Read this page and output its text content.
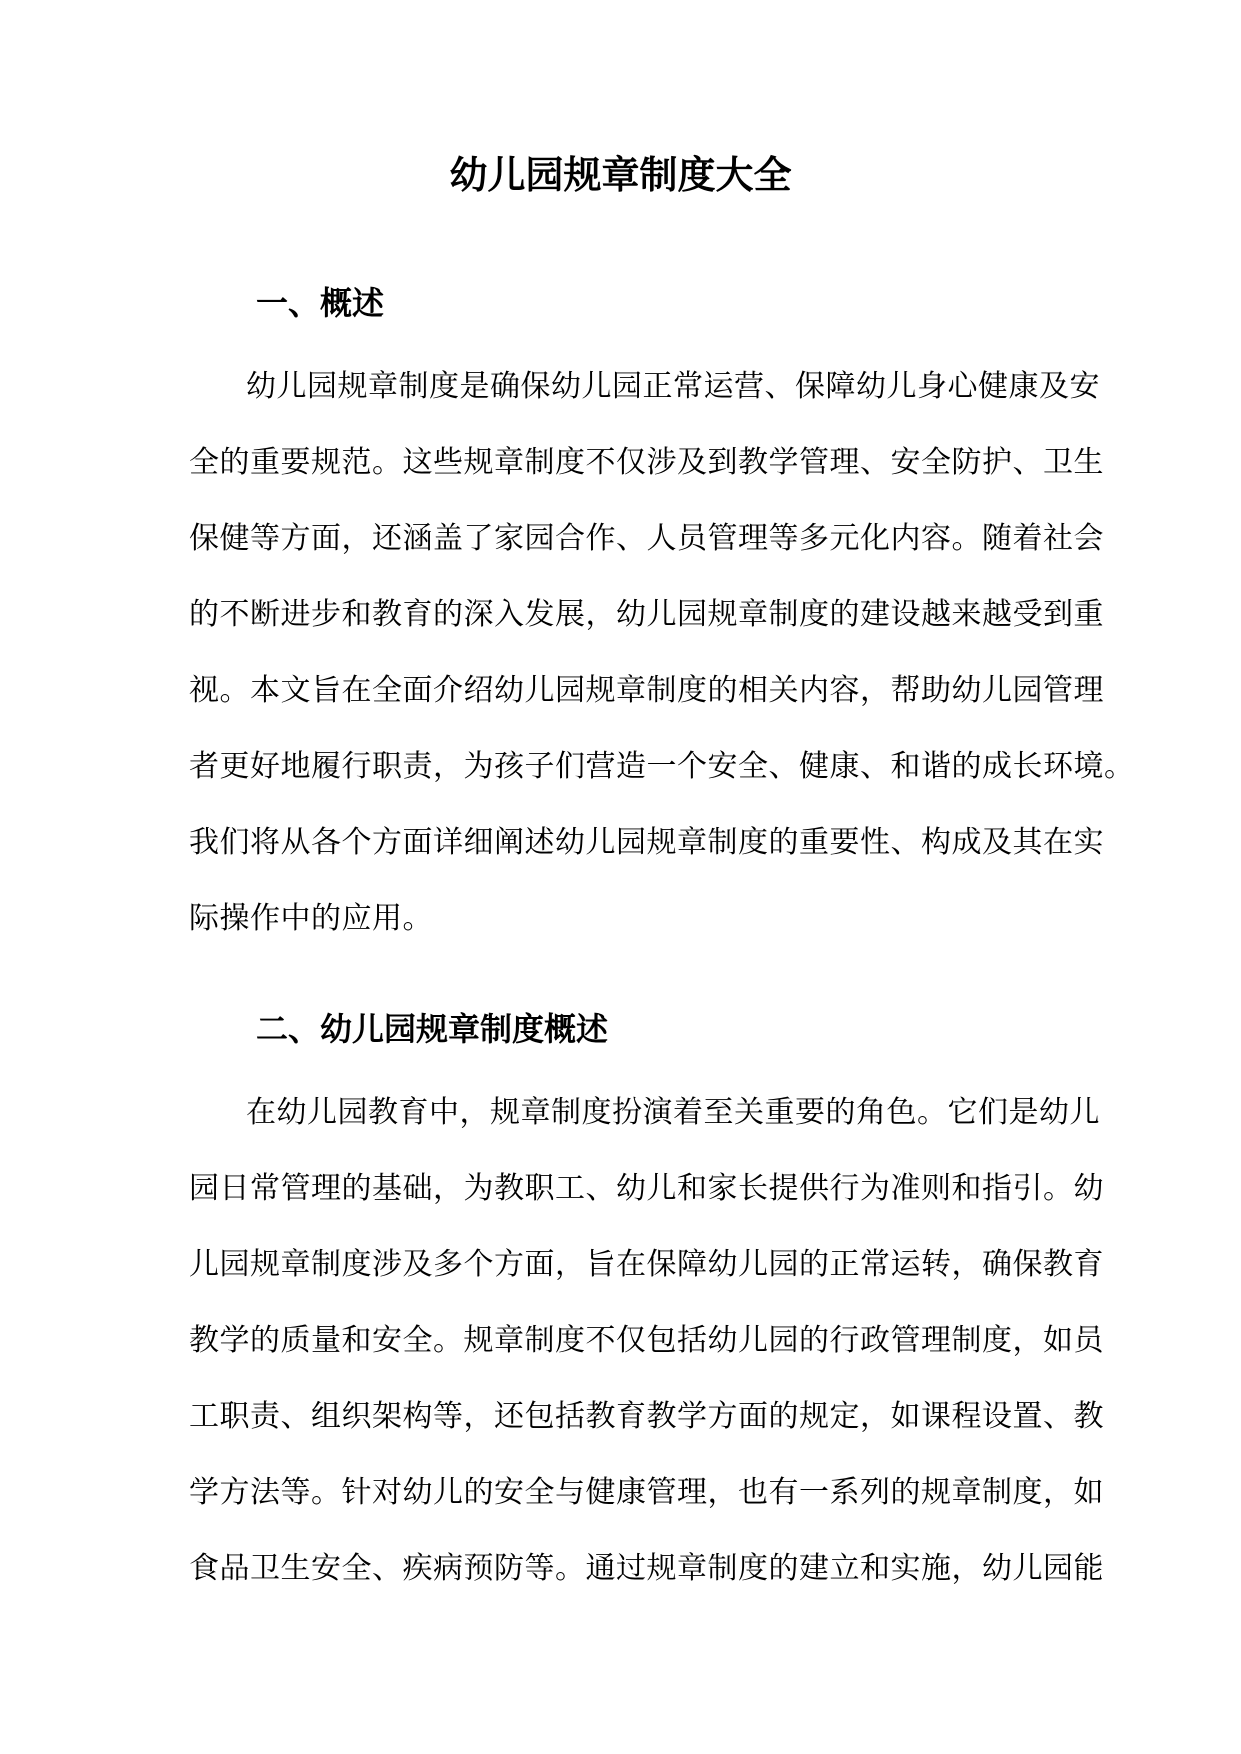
幼儿园规章制度大全
一、概述
幼儿园规章制度是确保幼儿园正常运营、保障幼儿身心健康及安
全的重要规范。这些规章制度不仅涉及到教学管理、安全防护、卫生
保健等方面，还涵盖了家园合作、人员管理等多元化内容。随着社会
的不断进步和教育的深入发展，幼儿园规章制度的建设越来越受到重
视。本文旨在全面介绍幼儿园规章制度的相关内容，帮助幼儿园管理
者更好地履行职责，为孩子们营造一个安全、健康、和谐的成长环境。
我们将从各个方面详细阐述幼儿园规章制度的重要性、构成及其在实
际操作中的应用。
二、幼儿园规章制度概述
在幼儿园教育中，规章制度扮演着至关重要的角色。它们是幼儿
园日常管理的基础，为教职工、幼儿和家长提供行为准则和指引。幼
儿园规章制度涉及多个方面，旨在保障幼儿园的正常运转，确保教育
教学的质量和安全。规章制度不仅包括幼儿园的行政管理制度，如员
工职责、组织架构等，还包括教育教学方面的规定，如课程设置、教
学方法等。针对幼儿的安全与健康管理，也有一系列的规章制度，如
食品卫生安全、疾病预防等。通过规章制度的建立和实施，幼儿园能
